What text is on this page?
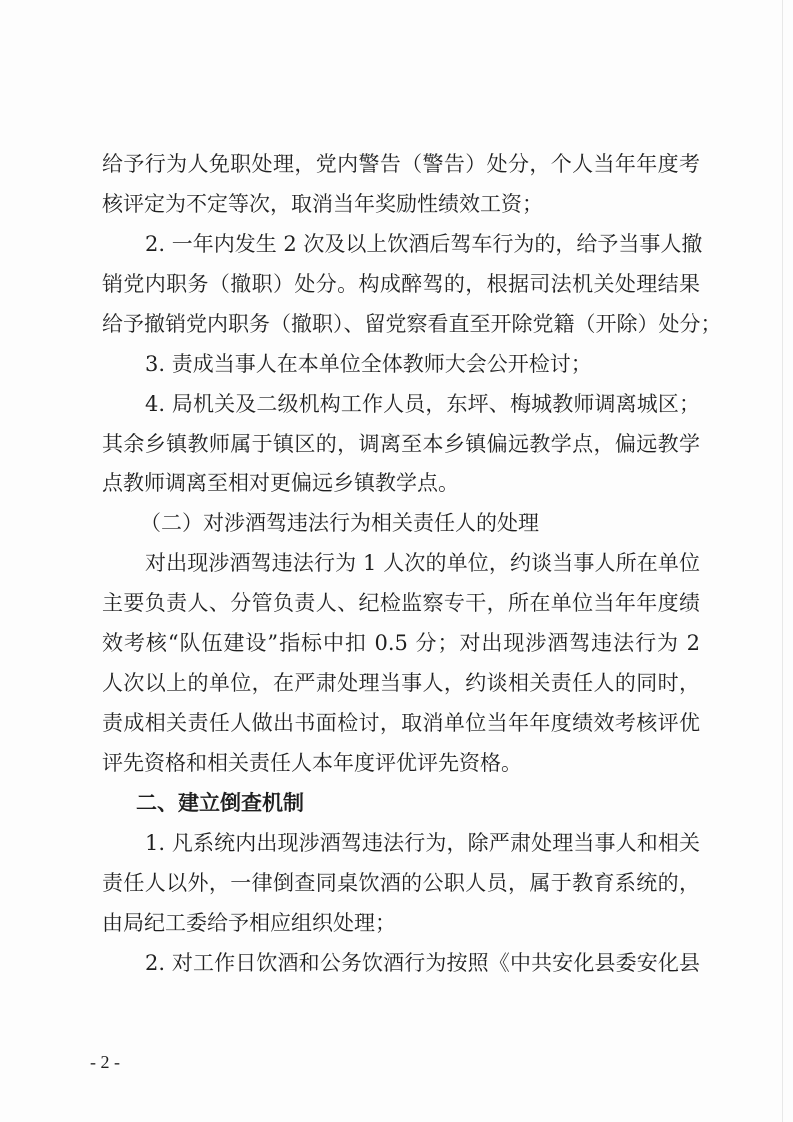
给予行为人免职处理，党内警告（警告）处分，个人当年年度考
核评定为不定等次，取消当年奖励性绩效工资；
2. 一年内发生 2 次及以上饮酒后驾车行为的，给予当事人撤
销党内职务（撤职）处分。构成醉驾的，根据司法机关处理结果
给予撤销党内职务（撤职）、留党察看直至开除党籍（开除）处分；
3. 责成当事人在本单位全体教师大会公开检讨；
4. 局机关及二级机构工作人员，东坪、梅城教师调离城区；
其余乡镇教师属于镇区的，调离至本乡镇偏远教学点，偏远教学
点教师调离至相对更偏远乡镇教学点。
（二）对涉酒驾违法行为相关责任人的处理
对出现涉酒驾违法行为 1 人次的单位，约谈当事人所在单位
主要负责人、分管负责人、纪检监察专干，所在单位当年年度绩
效考核“队伍建设”指标中扣 0.5 分；对出现涉酒驾违法行为 2
人次以上的单位，在严肃处理当事人，约谈相关责任人的同时，
责成相关责任人做出书面检讨，取消单位当年年度绩效考核评优
评先资格和相关责任人本年度评优评先资格。
二、建立倒查机制
1. 凡系统内出现涉酒驾违法行为，除严肃处理当事人和相关
责任人以外，一律倒查同桌饮酒的公职人员，属于教育系统的，
由局纪工委给予相应组织处理；
2. 对工作日饮酒和公务饮酒行为按照《中共安化县委安化县
- 2 -
